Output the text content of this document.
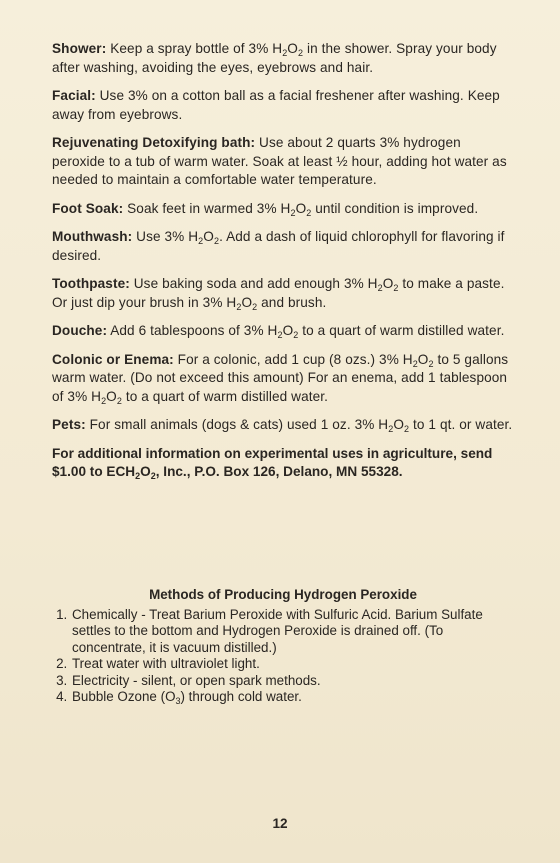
Shower: Keep a spray bottle of 3% $H_2O_2$ in the shower. Spray your body after washing, avoiding the eyes, eyebrows and hair.

Facial: Use 3% on a cotton ball as a facial freshener after washing. Keep away from eyebrows.

Rejuvenating Detoxifying bath: Use about 2 quarts 3% hydrogen peroxide to a tub of warm water. Soak at least ½ hour, adding hot water as needed to maintain a comfortable water temperature.

Foot Soak: Soak feet in warmed 3% $H_2O_2$ until condition is improved.

Mouthwash: Use 3% $H_2O_2$. Add a dash of liquid chlorophyll for flavoring if desired.

Toothpaste: Use baking soda and add enough 3% $H_2O_2$ to make a paste. Or just dip your brush in 3% $H_2O_2$ and brush.

Douche: Add 6 tablespoons of 3% $H_2O_2$ to a quart of warm distilled water.

Colonic or Enema: For a colonic, add 1 cup (8 ozs.) 3% $H_2O_2$ to 5 gallons warm water. (Do not exceed this amount) For an enema, add 1 tablespoon of 3% $H_2O_2$ to a quart of warm distilled water.

Pets: For small animals (dogs & cats) used 1 oz. 3% $H_2O_2$ to 1 qt. or water.

For additional information on experimental uses in agriculture, send $1.00 to $ECH_2O_2$, Inc., P.O. Box 126, Delano, MN 55328.

Methods of Producing Hydrogen Peroxide
1. Chemically - Treat Barium Peroxide with Sulfuric Acid. Barium Sulfate settles to the bottom and Hydrogen Peroxide is drained off. (To concentrate, it is vacuum distilled.)
2. Treat water with ultraviolet light.
3. Electricity - silent, or open spark methods.
4. Bubble Ozone $(O_3)$ through cold water.
12
